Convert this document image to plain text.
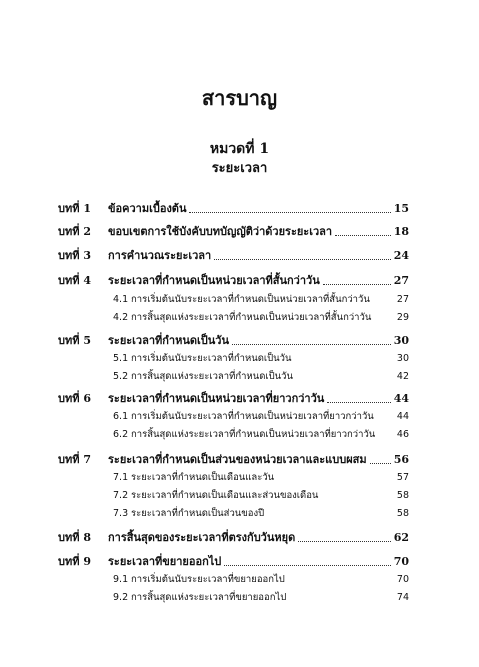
สารบาญ
หมวดที่ 1
ระยะเวลา
บทที่ 1	ข้อความเบื้องต้น	15
บทที่ 2	ขอบเขตการใช้บังคับบทบัญญัติว่าด้วยระยะเวลา	18
บทที่ 3	การคำนวณระยะเวลา	24
บทที่ 4	ระยะเวลาที่กำหนดเป็นหน่วยเวลาที่สั้นกว่าวัน	27
4.1 การเริ่มต้นนับระยะเวลาที่กำหนดเป็นหน่วยเวลาที่สั้นกว่าวัน	27
4.2 การสิ้นสุดแห่งระยะเวลาที่กำหนดเป็นหน่วยเวลาที่สั้นกว่าวัน	29
บทที่ 5	ระยะเวลาที่กำหนดเป็นวัน	30
5.1 การเริ่มต้นนับระยะเวลาที่กำหนดเป็นวัน	30
5.2 การสิ้นสุดแห่งระยะเวลาที่กำหนดเป็นวัน	42
บทที่ 6	ระยะเวลาที่กำหนดเป็นหน่วยเวลาที่ยาวกว่าวัน	44
6.1 การเริ่มต้นนับระยะเวลาที่กำหนดเป็นหน่วยเวลาที่ยาวกว่าวัน	44
6.2 การสิ้นสุดแห่งระยะเวลาที่กำหนดเป็นหน่วยเวลาที่ยาวกว่าวัน	46
บทที่ 7	ระยะเวลาที่กำหนดเป็นส่วนของหน่วยเวลาและแบบผสม 56
7.1 ระยะเวลาที่กำหนดเป็นเดือนและวัน	57
7.2 ระยะเวลาที่กำหนดเป็นเดือนและส่วนของเดือน	58
7.3 ระยะเวลาที่กำหนดเป็นส่วนของปี	58
บทที่ 8	การสิ้นสุดของระยะเวลาที่ตรงกับวันหยุด	62
บทที่ 9	ระยะเวลาที่ขยายออกไป	70
9.1 การเริ่มต้นนับระยะเวลาที่ขยายออกไป	70
9.2 การสิ้นสุดแห่งระยะเวลาที่ขยายออกไป	74
